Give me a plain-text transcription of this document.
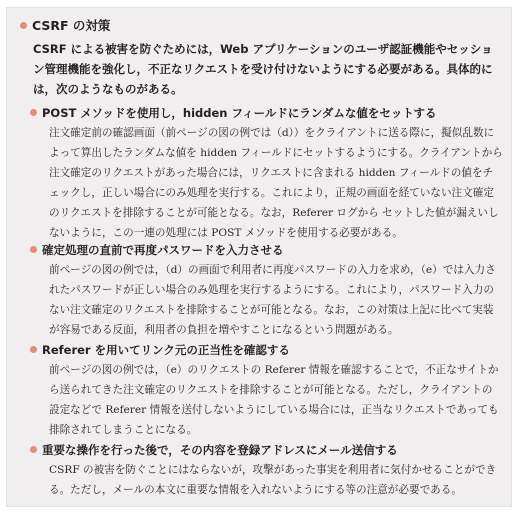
CSRF の対策
CSRF による被害を防ぐためには，Web アプリケーションのユーザ認証機能やセッション管理機能を強化し，不正なリクエストを受け付けないようにする必要がある。具体的には，次のようなものがある。
POST メソッドを使用し，hidden フィールドにランダムな値をセットする
注文確定前の確認画面（前ページの図の例では（d））をクライアントに送る際に，擬似乱数によって算出したランダムな値を hidden フィールドにセットするようにする。クライアントから注文確定のリクエストがあった場合には，リクエストに含まれる hidden フィールドの値をチェックし，正しい場合にのみ処理を実行する。これにより，正規の画面を経ていない注文確定のリクエストを排除することが可能となる。なお，Referer ログから セットした値が漏えいしないように，この一連の処理には POST メソッドを使用する必要がある。
確定処理の直前で再度パスワードを入力させる
前ページの図の例では，（d）の画面で利用者に再度パスワードの入力を求め，（e）では入力されたパスワードが正しい場合のみ処理を実行するようにする。これにより，パスワード入力のない注文確定のリクエストを排除することが可能となる。なお，この対策は上記に比べて実装が容易である反面，利用者の負担を増やすことになるという問題がある。
Referer を用いてリンク元の正当性を確認する
前ページの図の例では，（e）のリクエストの Referer 情報を確認することで，不正なサイトから送られてきた注文確定のリクエストを排除することが可能となる。ただし，クライアントの設定などで Referer 情報を送付しないようにしている場合には，正当なリクエストであっても排除されてしまうことになる。
重要な操作を行った後で，その内容を登録アドレスにメール送信する
CSRF の被害を防ぐことにはならないが，攻撃があった事実を利用者に気付かせることができる。ただし，メールの本文に重要な情報を入れないようにする等の注意が必要である。
